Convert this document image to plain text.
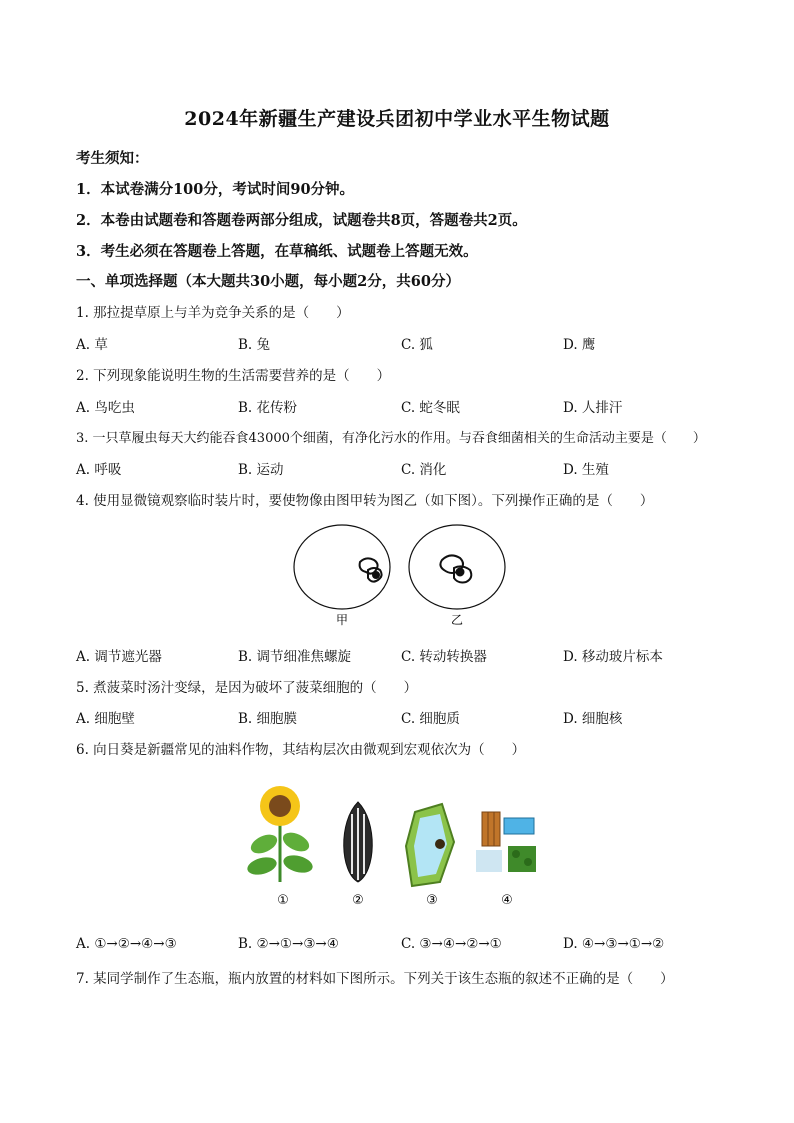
2024年新疆生产建设兵团初中学业水平生物试题
考生须知：
1．本试卷满分100分，考试时间90分钟。
2．本卷由试题卷和答题卷两部分组成，试题卷共8页，答题卷共2页。
3．考生必须在答题卷上答题，在草稿纸、试题卷上答题无效。
一、单项选择题（本大题共30小题，每小题2分，共60分）
1. 那拉提草原上与羊为竞争关系的是（　　）
A. 草	B. 兔	C. 狐	D. 鹰
2. 下列现象能说明生物的生活需要营养的是（　　）
A. 鸟吃虫	B. 花传粉	C. 蛇冬眠	D. 人排汗
3. 一只草履虫每天大约能吞食43000个细菌，有净化污水的作用。与吞食细菌相关的生命活动主要是（　　）
A. 呼吸	B. 运动	C. 消化	D. 生殖
4. 使用显微镜观察临时装片时，要使物像由图甲转为图乙（如下图）。下列操作正确的是（　　）
甲	乙
A. 调节遮光器	B. 调节细准焦螺旋	C. 转动转换器	D. 移动玻片标本
5. 煮菠菜时汤汁变绿，是因为破坏了菠菜细胞的（　　）
A. 细胞壁	B. 细胞膜	C. 细胞质	D. 细胞核
6. 向日葵是新疆常见的油料作物，其结构层次由微观到宏观依次为（　　）
①	②	③	④
A. ①→②→④→③	B. ②→①→③→④	C. ③→④→②→①	D. ④→③→①→②
7. 某同学制作了生态瓶，瓶内放置的材料如下图所示。下列关于该生态瓶的叙述不正确的是（　　）
